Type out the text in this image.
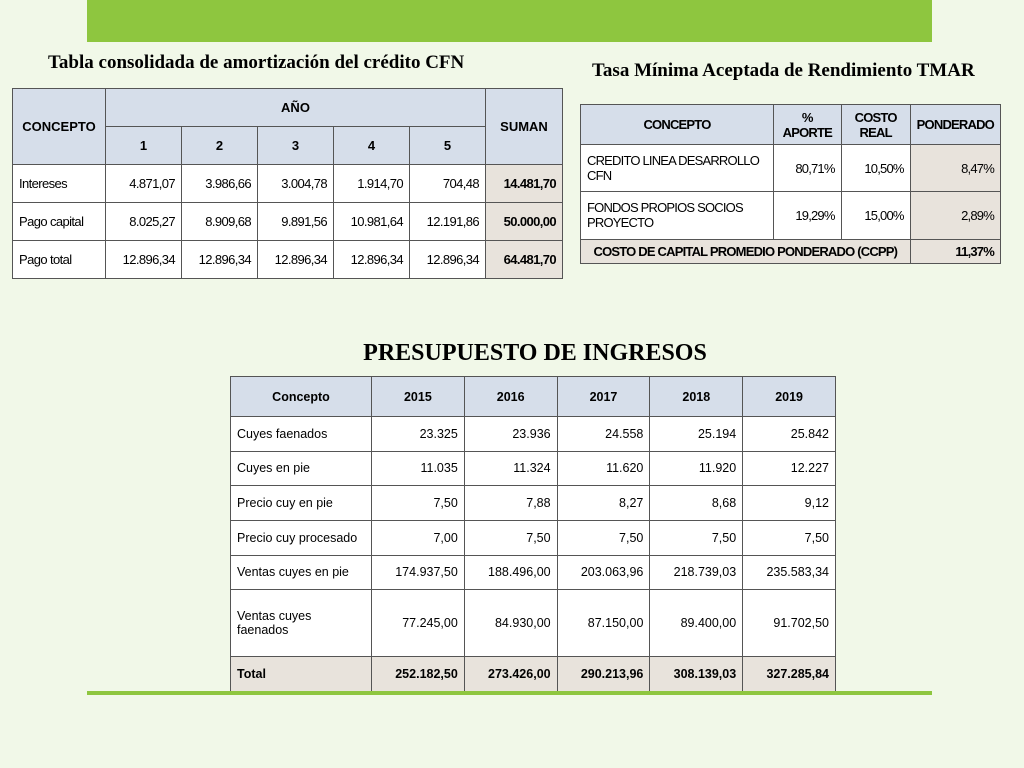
Tabla consolidada de amortización del crédito CFN	Tasa Mínima Aceptada de Rendimiento TMAR
CONCEPTO	AÑO					SUMAN
	1	2	3	4	5	
Intereses	4.871,07	3.986,66	3.004,78	1.914,70	704,48	14.481,70
Pago capital	8.025,27	8.909,68	9.891,56	10.981,64	12.191,86	50.000,00
Pago total	12.896,34	12.896,34	12.896,34	12.896,34	12.896,34	64.481,70
CONCEPTO	% APORTE	COSTO REAL	PONDERADO
CREDITO LINEA DESARROLLO CFN	80,71%	10,50%	8,47%
FONDOS PROPIOS SOCIOS PROYECTO	19,29%	15,00%	2,89%
COSTO DE CAPITAL PROMEDIO PONDERADO (CCPP)			11,37%
PRESUPUESTO DE INGRESOS
Concepto	2015	2016	2017	2018	2019
Cuyes faenados	23.325	23.936	24.558	25.194	25.842
Cuyes en pie	11.035	11.324	11.620	11.920	12.227
Precio cuy en pie	7,50	7,88	8,27	8,68	9,12
Precio cuy procesado	7,00	7,50	7,50	7,50	7,50
Ventas cuyes en pie	174.937,50	188.496,00	203.063,96	218.739,03	235.583,34
Ventas cuyes faenados	77.245,00	84.930,00	87.150,00	89.400,00	91.702,50
Total	252.182,50	273.426,00	290.213,96	308.139,03	327.285,84
